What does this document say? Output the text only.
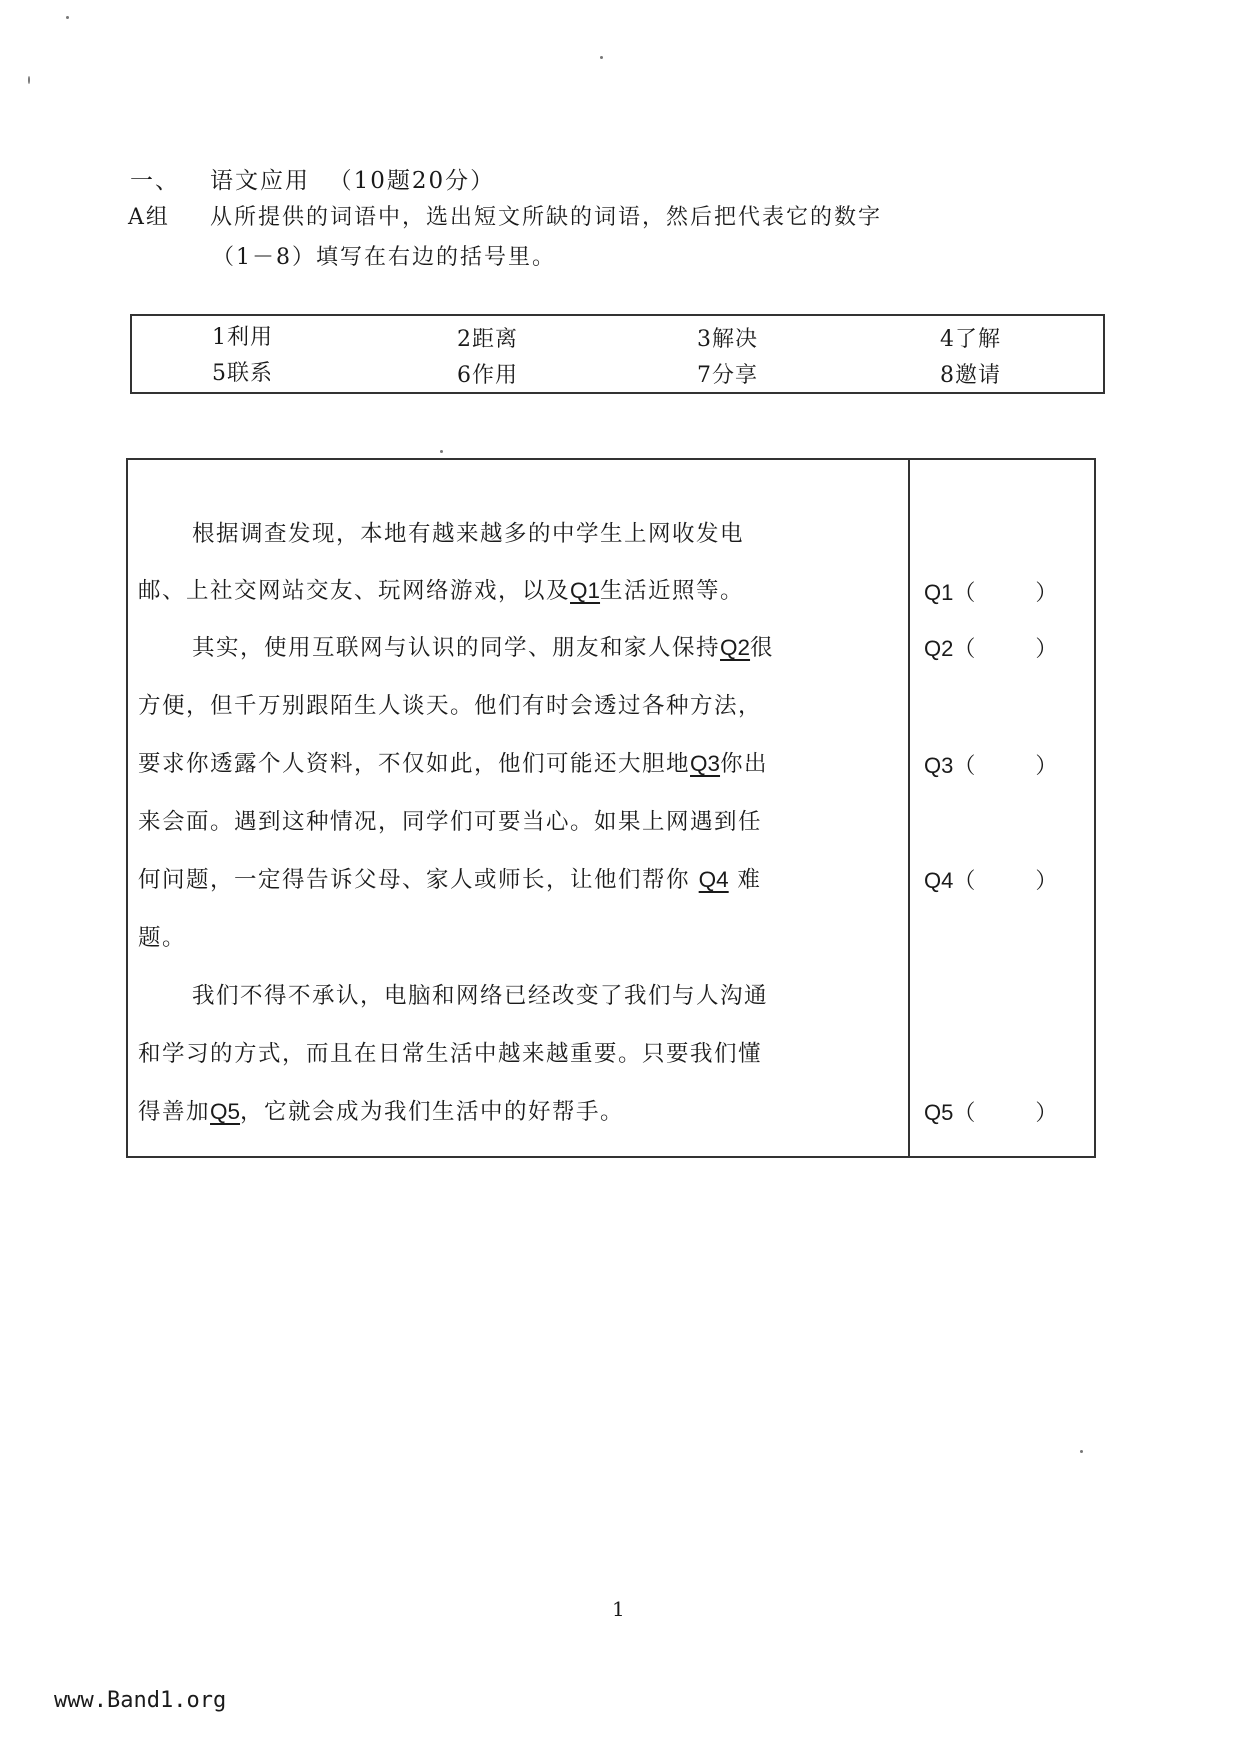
一、 语文应用 （10题20分）
A组 从所提供的词语中，选出短文所缺的词语，然后把代表它的数字
（1－8）填写在右边的括号里。
1利用	2距离	3解决	4了解
5联系	6作用	7分享	8邀请
根据调查发现，本地有越来越多的中学生上网收发电
邮、上社交网站交友、玩网络游戏，以及Q1生活近照等。
其实，使用互联网与认识的同学、朋友和家人保持Q2很
方便，但千万别跟陌生人谈天。他们有时会透过各种方法，
要求你透露个人资料，不仅如此，他们可能还大胆地Q3你出
来会面。遇到这种情况，同学们可要当心。如果上网遇到任
何问题，一定得告诉父母、家人或师长，让他们帮你 Q4 难
题。
我们不得不承认，电脑和网络已经改变了我们与人沟通
和学习的方式，而且在日常生活中越来越重要。只要我们懂
得善加Q5，它就会成为我们生活中的好帮手。
Q1（	）
Q2（	）
Q3（	）
Q4（	）
Q5（	）
1
www.Band1.org
